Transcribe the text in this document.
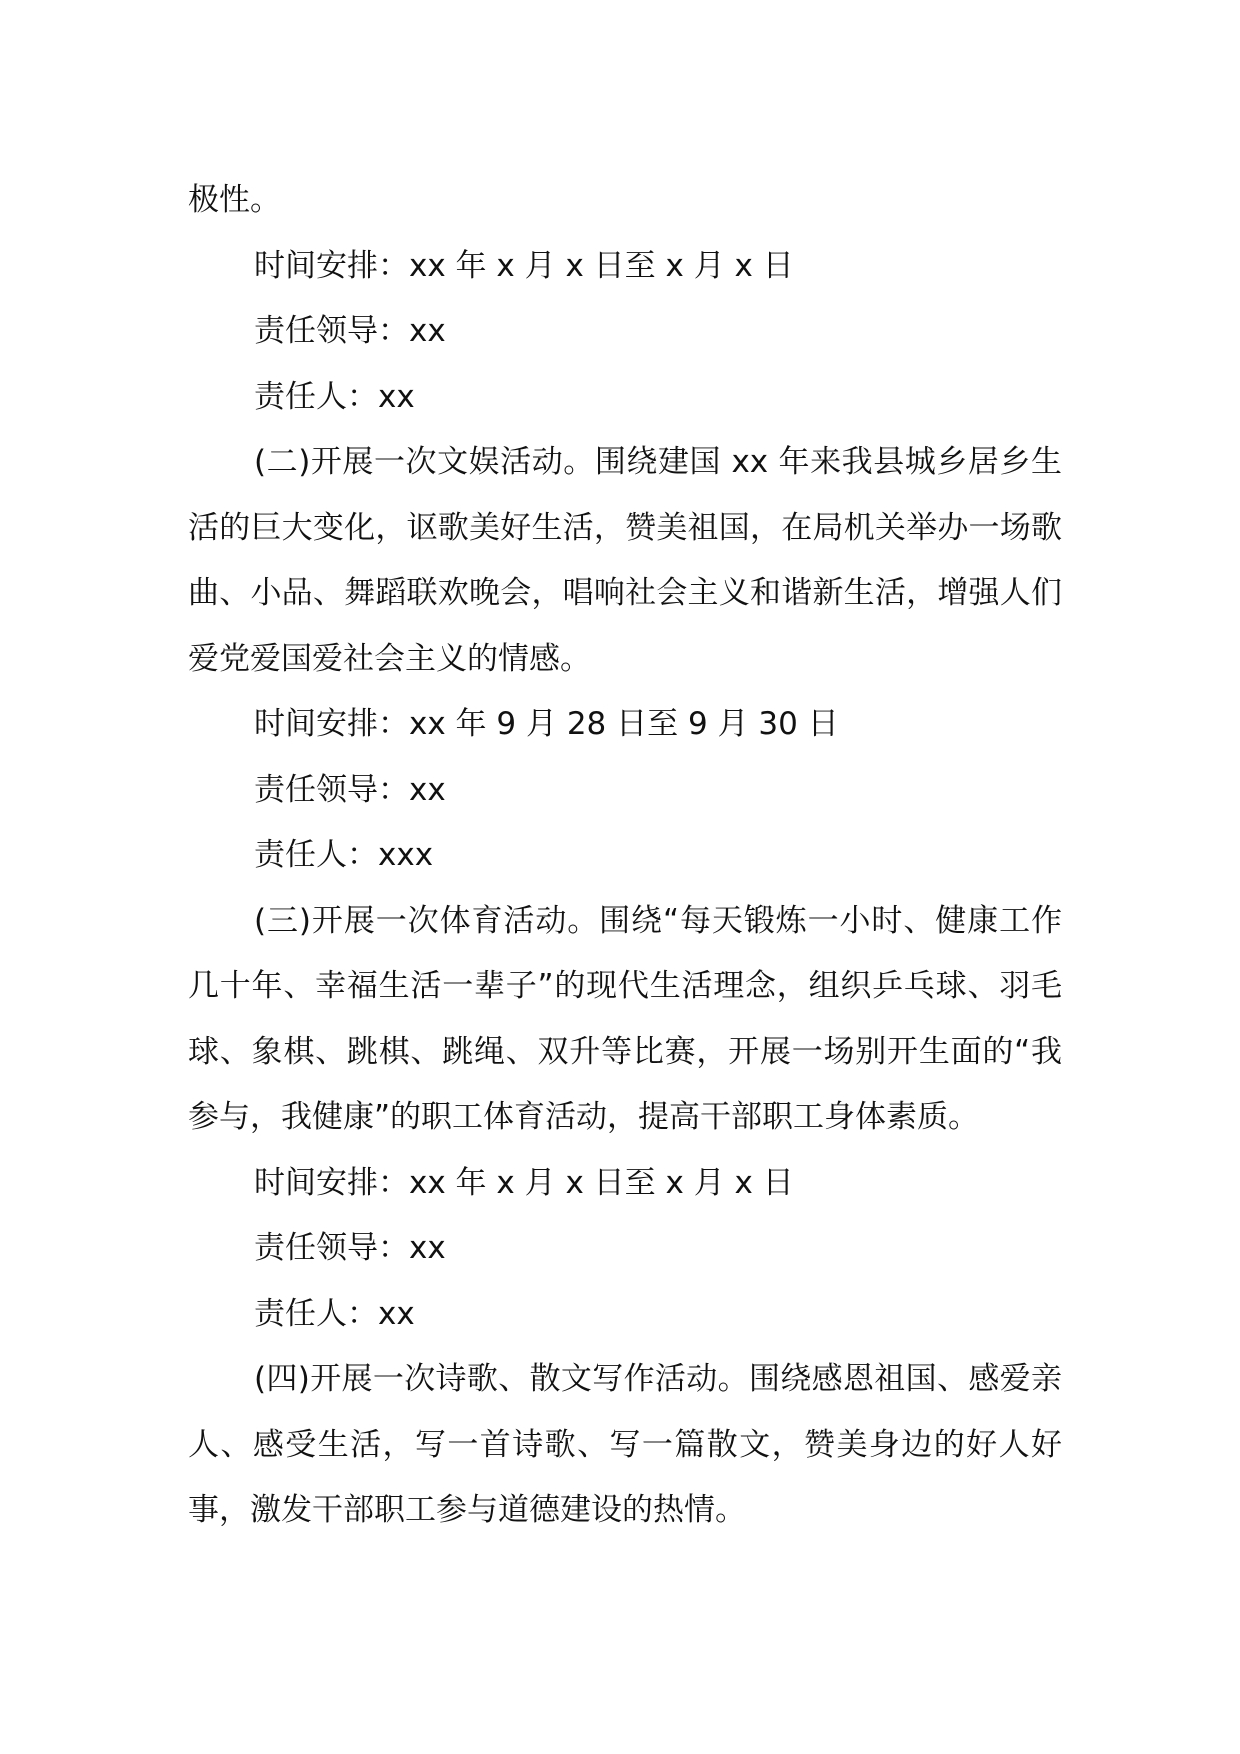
极性。

时间安排：xx 年 x 月 x 日至 x 月 x 日

责任领导：xx

责任人：xx

(二)开展一次文娱活动。围绕建国 xx 年来我县城乡居乡生活的巨大变化，讴歌美好生活，赞美祖国，在局机关举办一场歌曲、小品、舞蹈联欢晚会，唱响社会主义和谐新生活，增强人们爱党爱国爱社会主义的情感。

时间安排：xx 年 9 月 28 日至 9 月 30 日

责任领导：xx

责任人：xxx

(三)开展一次体育活动。围绕“每天锻炼一小时、健康工作几十年、幸福生活一辈子”的现代生活理念，组织乒乓球、羽毛球、象棋、跳棋、跳绳、双升等比赛，开展一场别开生面的“我参与，我健康”的职工体育活动，提高干部职工身体素质。

时间安排：xx 年 x 月 x 日至 x 月 x 日

责任领导：xx

责任人：xx

(四)开展一次诗歌、散文写作活动。围绕感恩祖国、感爱亲人、感受生活，写一首诗歌、写一篇散文，赞美身边的好人好事，激发干部职工参与道德建设的热情。
